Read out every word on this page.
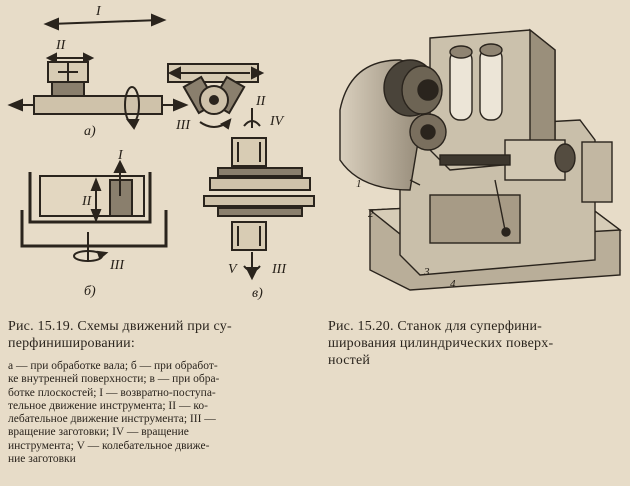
I
II
III
а)
I
II
III
б)
II
IV
V	III
в)
1
2
3
4
Рис. 15.19. Схемы движений при су-
перфинишировании:

а — при обработке вала; б — при обработ-

ке внутренней поверхности; в — при обра-

ботке плоскостей; I — возвратно-поступа-

тельное движение инструмента; II — ко-

лебательное движение инструмента; III —

вращение заготовки; IV — вращение

инструмента; V — колебательное движе-

ние заготовки

Рис. 15.20. Станок для суперфини-
ширования цилиндрических поверх-
ностей
